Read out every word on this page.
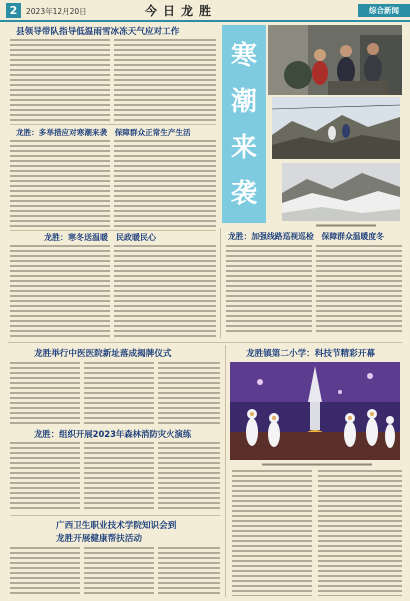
2	2023年12月20日	今日龙胜	综合新闻
县领导带队指导低温雨雪冰冻天气应对工作
龙胜：多举措应对寒潮来袭　保障群众正常生产生活
龙胜：寒冬送温暖　民政暖民心
寒
潮
来
袭
龙胜：加强线路巡视巡检　保障群众温暖度冬
龙胜举行中医医院新址落成揭牌仪式
龙胜：组织开展2023年森林消防灾火演练
广西卫生职业技术学院知识会到
龙胜开展健康帮扶活动
龙胜镇第二小学：科技节精彩开幕
